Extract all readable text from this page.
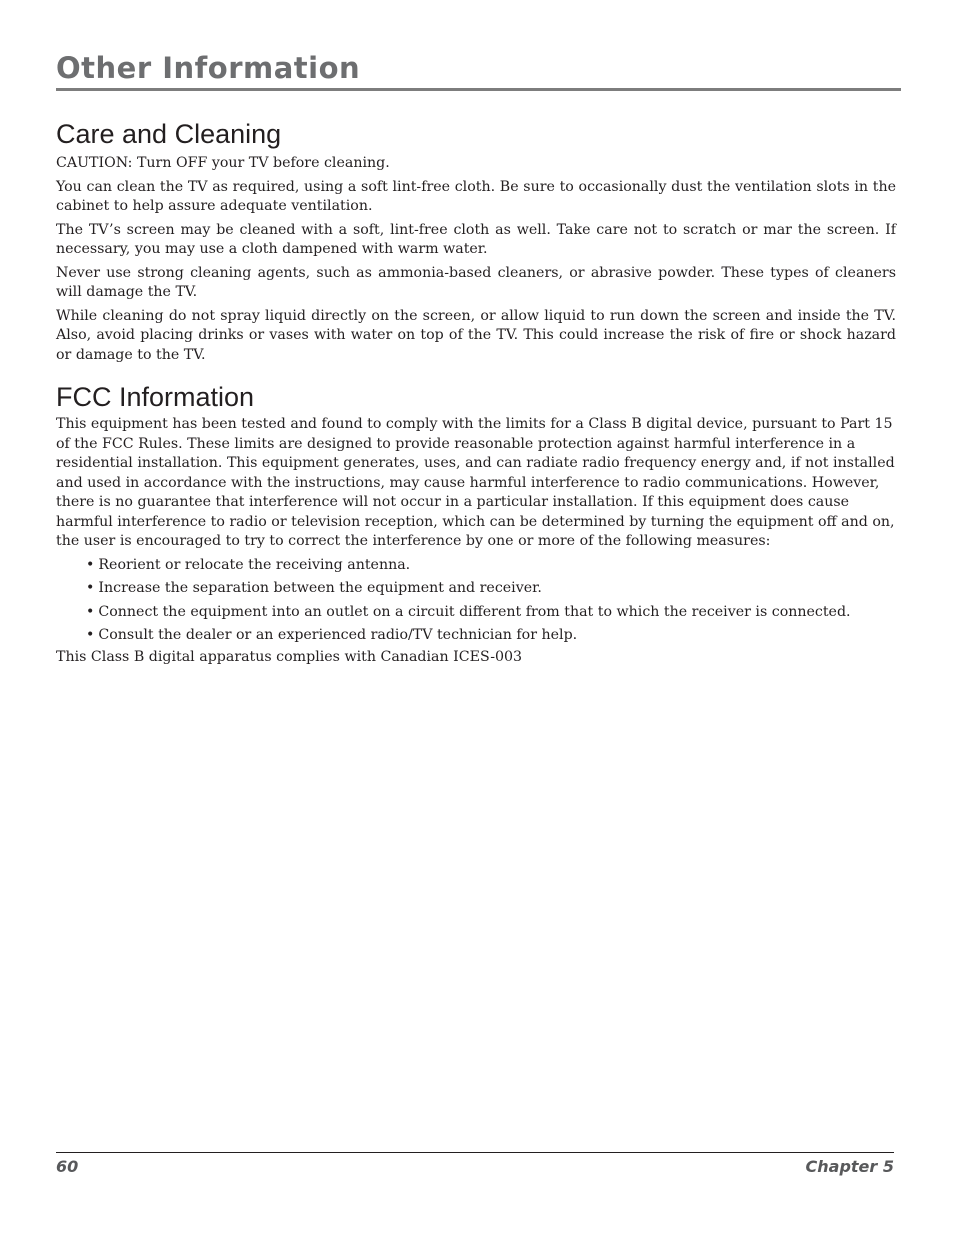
Other Information
Care and Cleaning

CAUTION: Turn OFF your TV before cleaning.

You can clean the TV as required, using a soft lint-free cloth. Be sure to occasionally dust the ventilation slots in the cabinet to help assure adequate ventilation.

The TV’s screen may be cleaned with a soft, lint-free cloth as well. Take care not to scratch or mar the screen. If necessary, you may use a cloth dampened with warm water.

Never use strong cleaning agents, such as ammonia-based cleaners, or abrasive powder. These types of cleaners will damage the TV.

While cleaning do not spray liquid directly on the screen, or allow liquid to run down the screen and inside the TV. Also, avoid placing drinks or vases with water on top of the TV. This could increase the risk of fire or shock hazard or damage to the TV.

FCC Information

This equipment has been tested and found to comply with the limits for a Class B digital device, pursuant to Part 15 of the FCC Rules. These limits are designed to provide reasonable protection against harmful interference in a residential installation. This equipment generates, uses, and can radiate radio frequency energy and, if not installed and used in accordance with the instructions, may cause harmful interference to radio communications. However, there is no guarantee that interference will not occur in a particular installation. If this equipment does cause harmful interference to radio or television reception, which can be determined by turning the equipment off and on, the user is encouraged to try to correct the interference by one or more of the following measures:

• Reorient or relocate the receiving antenna.
• Increase the separation between the equipment and receiver.
• Connect the equipment into an outlet on a circuit different from that to which the receiver is connected.
• Consult the dealer or an experienced radio/TV technician for help.

This Class B digital apparatus complies with Canadian ICES-003

60	Chapter 5
